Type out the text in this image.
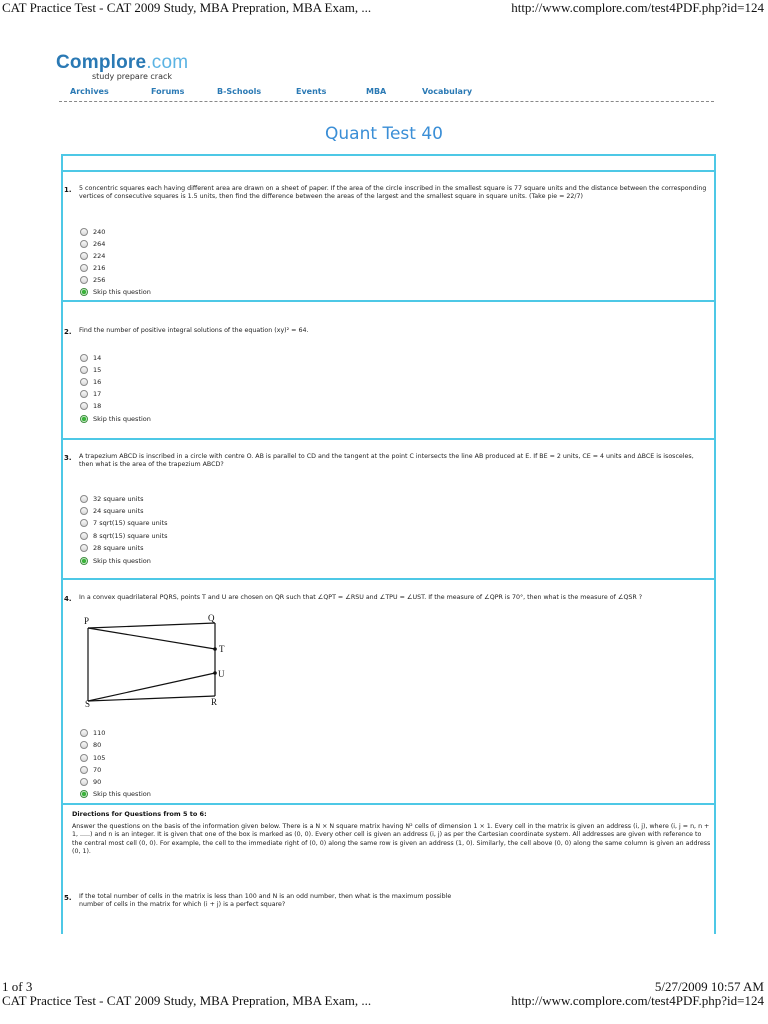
CAT Practice Test - CAT 2009 Study, MBA Prepration, MBA Exam, ...	http://www.complore.com/test4PDF.php?id=124
Complore.com
study prepare crack
Archives	Forums	B-Schools	Events	MBA	Vocabulary
Quant Test 40
1. 5 concentric squares each having different area are drawn on a sheet of paper. If the area of the circle inscribed in the smallest square is 77 square units and the distance between the corresponding vertices of consecutive squares is 1.5 units, then find the difference between the areas of the largest and the smallest square in square units. (Take pie = 22/7)
240
264
224
216
256
Skip this question
2. Find the number of positive integral solutions of the equation (xy)² = 64.
14
15
16
17
18
Skip this question
3. A trapezium ABCD is inscribed in a circle with centre O. AB is parallel to CD and the tangent at the point C intersects the line AB produced at E. If BE = 2 units, CE = 4 units and ΔBCE is isosceles, then what is the area of the trapezium ABCD?
32 square units
24 square units
7 sqrt(15) square units
8 sqrt(15) square units
28 square units
Skip this question
4. In a convex quadrilateral PQRS, points T and U are chosen on QR such that ∠QPT = ∠RSU and ∠TPU = ∠UST. If the measure of ∠QPR is 70°, then what is the measure of ∠QSR ?
P	Q
T
U
S	R
110
80
105
70
90
Skip this question
Directions for Questions from 5 to 6:
Answer the questions on the basis of the information given below. There is a N × N square matrix having N² cells of dimension 1 × 1. Every cell in the matrix is given an address (i, j), where (i, j = n, n + 1, .....) and n is an integer. It is given that one of the box is marked as (0, 0). Every other cell is given an address (i, j) as per the Cartesian coordinate system. All addresses are given with reference to the central most cell (0, 0). For example, the cell to the immediate right of (0, 0) along the same row is given an address (1, 0). Similarly, the cell above (0, 0) along the same column is given an address (0, 1).
5. If the total number of cells in the matrix is less than 100 and N is an odd number, then what is the maximum possible number of cells in the matrix for which (i + j) is a perfect square?
1 of 3	5/27/2009 10:57 AM
CAT Practice Test - CAT 2009 Study, MBA Prepration, MBA Exam, ...	http://www.complore.com/test4PDF.php?id=124
